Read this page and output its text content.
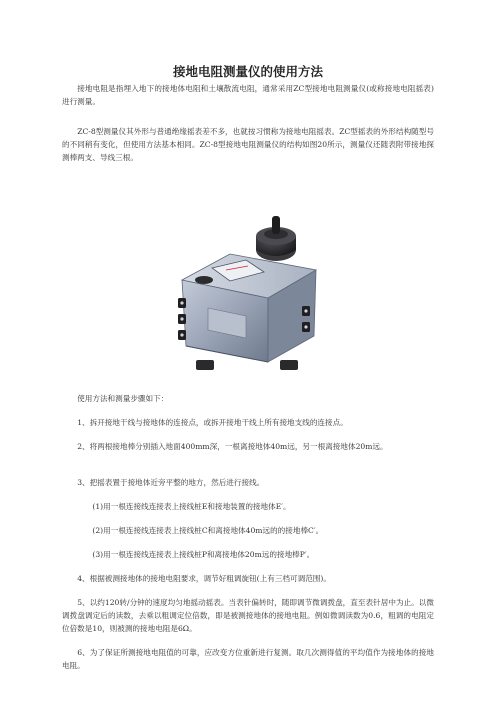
接地电阻测量仪的使用方法

接地电阻是指埋入地下的接地体电阻和土壤散流电阻，通常采用ZC型接地电阻测量仪(或称接地电阻摇表)进行测量。

ZC-8型测量仪其外形与普通绝缘摇表差不多，也就按习惯称为接地电阻摇表。ZC型摇表的外形结构随型号的不同稍有变化，但使用方法基本相同。ZC-8型接地电阻测量仪的结构如图20所示，测量仪还随表附带接地探测棒两支、导线三根。

使用方法和测量步骤如下：

1、拆开接地干线与接地体的连接点，或拆开接地干线上所有接地支线的连接点。

2、将两根接地棒分别插入地面400mm深，一根离接地体40m远，另一根离接地体20m远。

3、把摇表置于接地体近旁平整的地方，然后进行接线。

(1)用一根连接线连接表上接线桩E和接地装置的接地体E′。

(2)用一根连接线连接表上接线桩C和离接地体40m远的的接地棒C′。

(3)用一根连接线连接表上接线桩P和离接地体20m远的接地棒P′。

4、根据被测接地体的接地电阻要求，调节好粗调旋钮(上有三档可调范围)。

5、以约120转/分钟的速度均匀地摇动摇表。当表针偏转时，随即调节微调拨盘，直至表针居中为止。以微调拨盘调定后的读数，去乘以粗调定位倍数，即是被测接地体的接地电阻。例如微调读数为0.6，粗调的电阻定位倍数是10，则被测的接地电阻是6Ω。

6、为了保证所测接地电阻值的可靠，应改变方位重新进行复测。取几次测得值的平均值作为接地体的接地电阻。
